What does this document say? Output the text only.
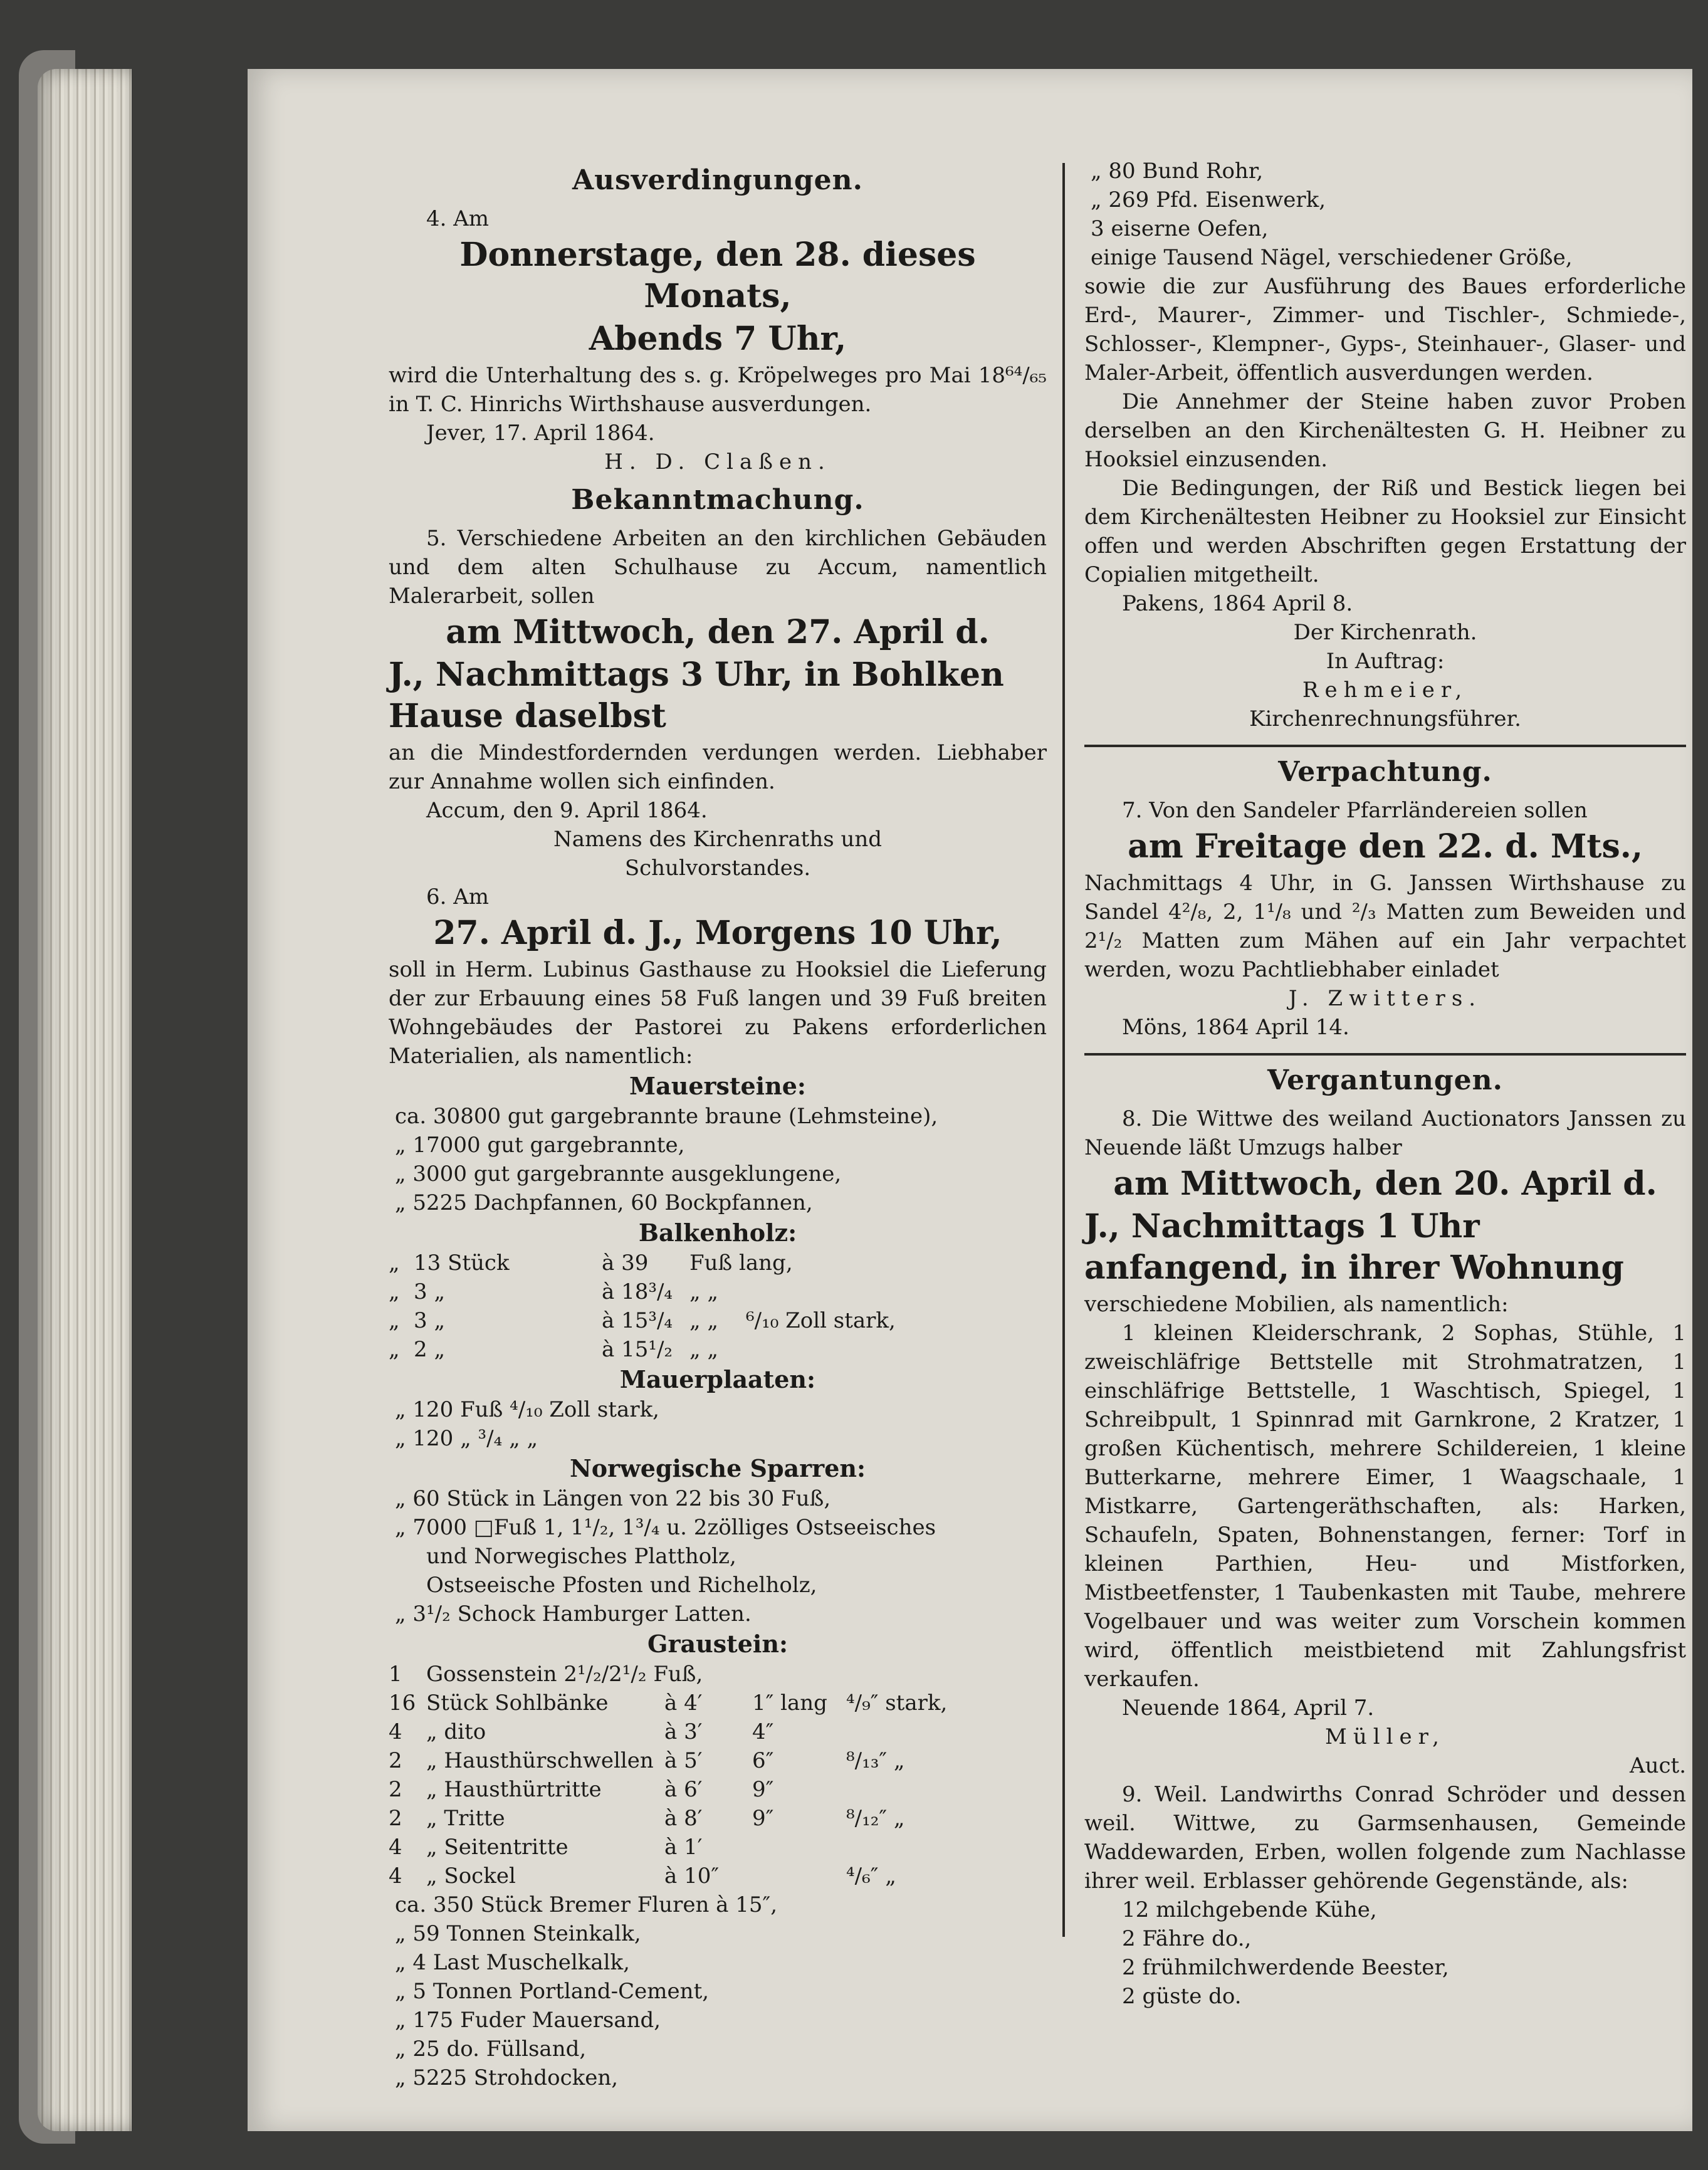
Ausverdingungen.

4. Am

Donnerstage, den 28. dieses Monats,
Abends 7 Uhr,

wird die Unterhaltung des s. g. Kröpelweges pro Mai 18⁶⁴/₆₅ in T. C. Hinrichs Wirthshause ausverdungen.

Jever, 17. April 1864.

H. D. Claßen.

Bekanntmachung.

5. Verschiedene Arbeiten an den kirchlichen Gebäuden und dem alten Schulhause zu Accum, namentlich Malerarbeit, sollen

am Mittwoch, den 27. April d.
J., Nachmittags 3 Uhr, in Bohlken Hause daselbst

an die Mindestfordernden verdungen werden. Liebhaber zur Annahme wollen sich einfinden.

Accum, den 9. April 1864.

Namens des Kirchenraths und

Schulvorstandes.

6. Am

27. April d. J., Morgens 10 Uhr,

soll in Herm. Lubinus Gasthause zu Hooksiel die Lieferung der zur Erbauung eines 58 Fuß langen und 39 Fuß breiten Wohngebäudes der Pastorei zu Pakens erforderlichen Materialien, als namentlich:

Mauersteine:

ca. 30800 gut gargebrannte braune (Lehmsteine),

„ 17000 gut gargebrannte,

„ 3000 gut gargebrannte ausgeklungene,

„ 5225 Dachpfannen, 60 Bockpfannen,

Balkenholz:
„ 13 Stück	à 39	Fuß lang,
„ 3 „	à 18³/₄ „ „
„ 3 „	à 15³/₄ „ „	⁶/₁₀ Zoll stark,
„ 2 „	à 15¹/₂ „ „
Mauerplaaten:

„ 120 Fuß ⁴/₁₀ Zoll stark,

„ 120 „ ³/₄ „ „

Norwegische Sparren:

„ 60 Stück in Längen von 22 bis 30 Fuß,

„ 7000 □Fuß 1, 1¹/₂, 1³/₄ u. 2zölliges Ostseeisches

und Norwegisches Plattholz,

Ostseeische Pfosten und Richelholz,

„ 3¹/₂ Schock Hamburger Latten.

Graustein:
1	Gossenstein 2¹/₂/2¹/₂ Fuß,
16 Stück Sohlbänke	à 4′	1″ lang ⁴/₉″ stark,
4	„ dito	à 3′	4″
2	„ Hausthürschwellen à 5′	6″	⁸/₁₃″ „
2	„ Hausthürtritte	à 6′	9″
2	„ Tritte	à 8′	9″	⁸/₁₂″ „
4	„ Seitentritte	à 1′
4	„ Sockel	à 10″	⁴/₆″ „

ca. 350 Stück Bremer Fluren à 15″,

„ 59 Tonnen Steinkalk,

„ 4 Last Muschelkalk,

„ 5 Tonnen Portland-Cement,

„ 175 Fuder Mauersand,

„ 25 do. Füllsand,

„ 5225 Strohdocken,

„ 80 Bund Rohr,

„ 269 Pfd. Eisenwerk,

3 eiserne Oefen,

einige Tausend Nägel, verschiedener Größe,

sowie die zur Ausführung des Baues erforderliche Erd-, Maurer-, Zimmer- und Tischler-, Schmiede-, Schlosser-, Klempner-, Gyps-, Steinhauer-, Glaser- und Maler-Arbeit, öffentlich ausverdungen werden.

Die Annehmer der Steine haben zuvor Proben derselben an den Kirchenältesten G. H. Heibner zu Hooksiel einzusenden.

Die Bedingungen, der Riß und Bestick liegen bei dem Kirchenältesten Heibner zu Hooksiel zur Einsicht offen und werden Abschriften gegen Erstattung der Copialien mitgetheilt.

Pakens, 1864 April 8.

Der Kirchenrath.

In Auftrag:

Rehmeier,

Kirchenrechnungsführer.

Verpachtung.

7. Von den Sandeler Pfarrländereien sollen

am Freitage den 22. d. Mts.,

Nachmittags 4 Uhr, in G. Janssen Wirthshause zu Sandel 4²/₈, 2, 1¹/₈ und ²/₃ Matten zum Beweiden und 2¹/₂ Matten zum Mähen auf ein Jahr verpachtet werden, wozu Pachtliebhaber einladet

J. Zwitters.

Möns, 1864 April 14.

Vergantungen.

8. Die Wittwe des weiland Auctionators Janssen zu Neuende läßt Umzugs halber

am Mittwoch, den 20. April d.
J., Nachmittags 1 Uhr anfangend, in ihrer Wohnung

verschiedene Mobilien, als namentlich:

1 kleinen Kleiderschrank, 2 Sophas, Stühle, 1 zweischläfrige Bettstelle mit Strohmatratzen, 1 einschläfrige Bettstelle, 1 Waschtisch, Spiegel, 1 Schreibpult, 1 Spinnrad mit Garnkrone, 2 Kratzer, 1 großen Küchentisch, mehrere Schildereien, 1 kleine Butterkarne, mehrere Eimer, 1 Waagschaale, 1 Mistkarre, Gartengeräthschaften, als: Harken, Schaufeln, Spaten, Bohnenstangen, ferner: Torf in kleinen Parthien, Heu- und Mistforken, Mistbeetfenster, 1 Taubenkasten mit Taube, mehrere Vogelbauer und was weiter zum Vorschein kommen wird, öffentlich meistbietend mit Zahlungsfrist verkaufen.

Neuende 1864, April 7.

Müller,

Auct.

9. Weil. Landwirths Conrad Schröder und dessen weil. Wittwe, zu Garmsenhausen, Gemeinde Waddewarden, Erben, wollen folgende zum Nachlasse ihrer weil. Erblasser gehörende Gegenstände, als:

12 milchgebende Kühe,

2 Fähre do.,

2 frühmilchwerdende Beester,

2 güste do.
